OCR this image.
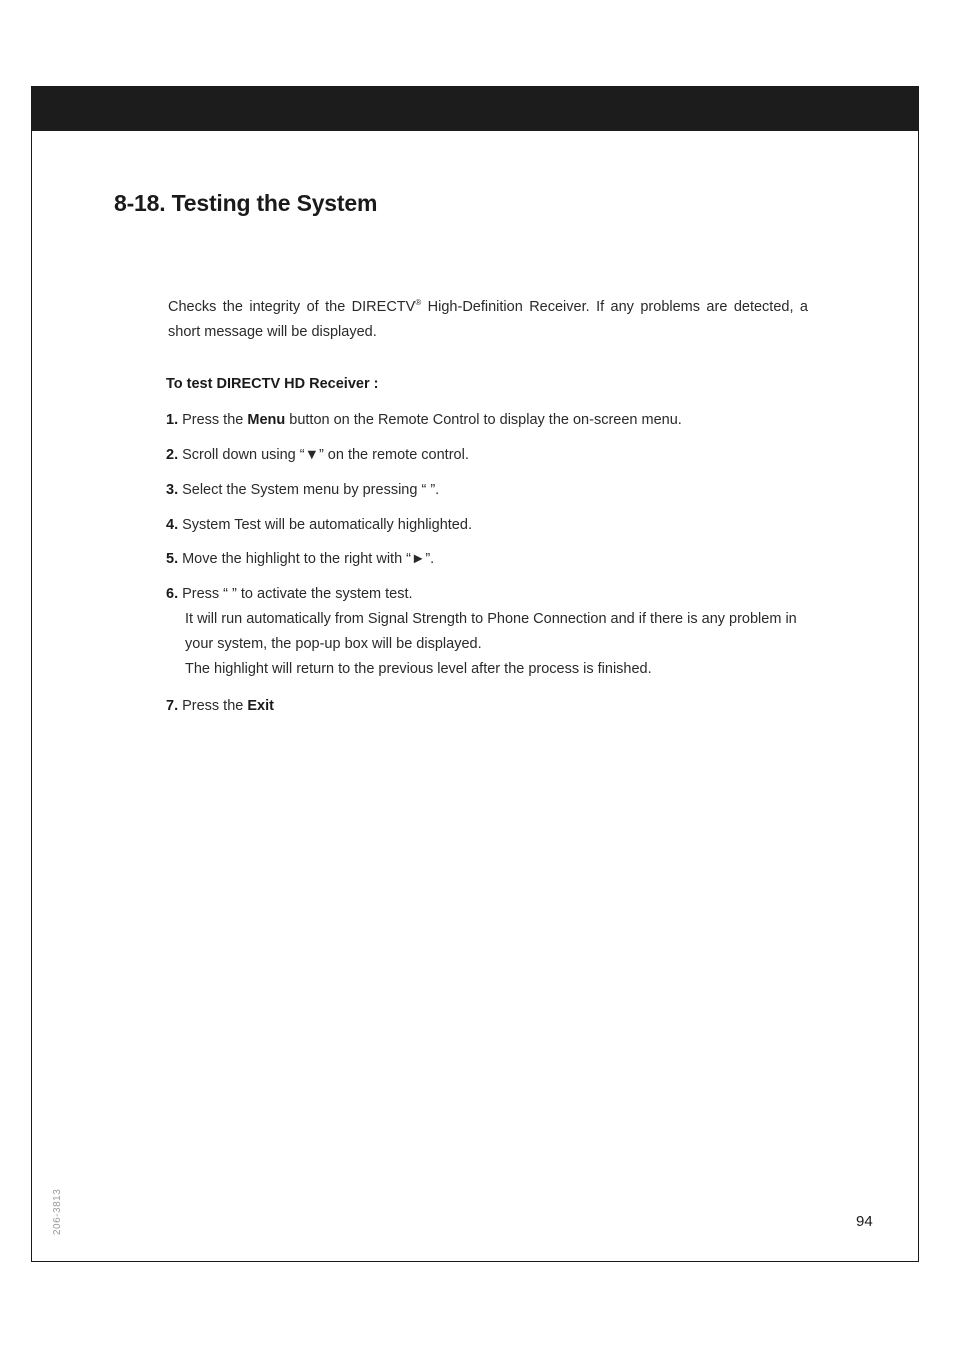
8-18. Testing the System

Checks the integrity of the DIRECTV® High-Definition Receiver. If any problems are detected, a short message will be displayed.

To test DIRECTV HD Receiver :

1. Press the Menu button on the Remote Control to display the on-screen menu.

2. Scroll down using “▼” on the remote control.

3. Select the System menu by pressing “ ”.

4. System Test will be automatically highlighted.

5. Move the highlight to the right with “►”.

6. Press “ ” to activate the system test.
It will run automatically from Signal Strength to Phone Connection and if there is any problem in
your system, the pop-up box will be displayed.
The highlight will return to the previous level after the process is finished.

7. Press the Exit

206-3813	94
